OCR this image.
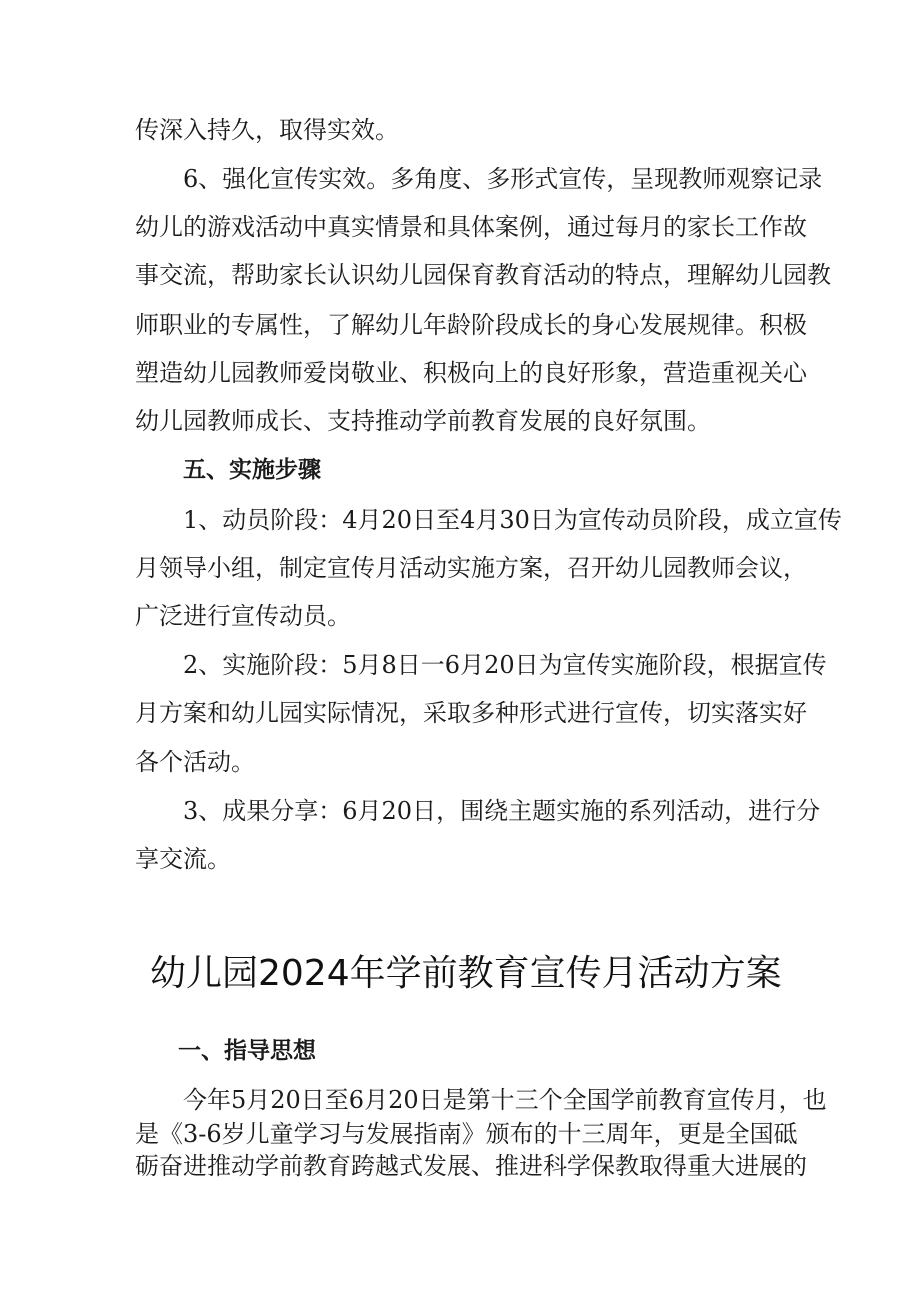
传深入持久，取得实效。
6、强化宣传实效。多角度、多形式宣传，呈现教师观察记录
幼儿的游戏活动中真实情景和具体案例，通过每月的家长工作故
事交流，帮助家长认识幼儿园保育教育活动的特点，理解幼儿园教
师职业的专属性，了解幼儿年龄阶段成长的身心发展规律。积极
塑造幼儿园教师爱岗敬业、积极向上的良好形象，营造重视关心
幼儿园教师成长、支持推动学前教育发展的良好氛围。
五、实施步骤
1、动员阶段：4月20日至4月30日为宣传动员阶段，成立宣传
月领导小组，制定宣传月活动实施方案，召开幼儿园教师会议，
广泛进行宣传动员。
2、实施阶段：5月8日一6月20日为宣传实施阶段，根据宣传
月方案和幼儿园实际情况，采取多种形式进行宣传，切实落实好
各个活动。
3、成果分享：6月20日，围绕主题实施的系列活动，进行分
享交流。
幼儿园2024年学前教育宣传月活动方案
一、指导思想
今年5月20日至6月20日是第十三个全国学前教育宣传月，也
是《3-6岁儿童学习与发展指南》颁布的十三周年，更是全国砥
砺奋进推动学前教育跨越式发展、推进科学保教取得重大进展的
